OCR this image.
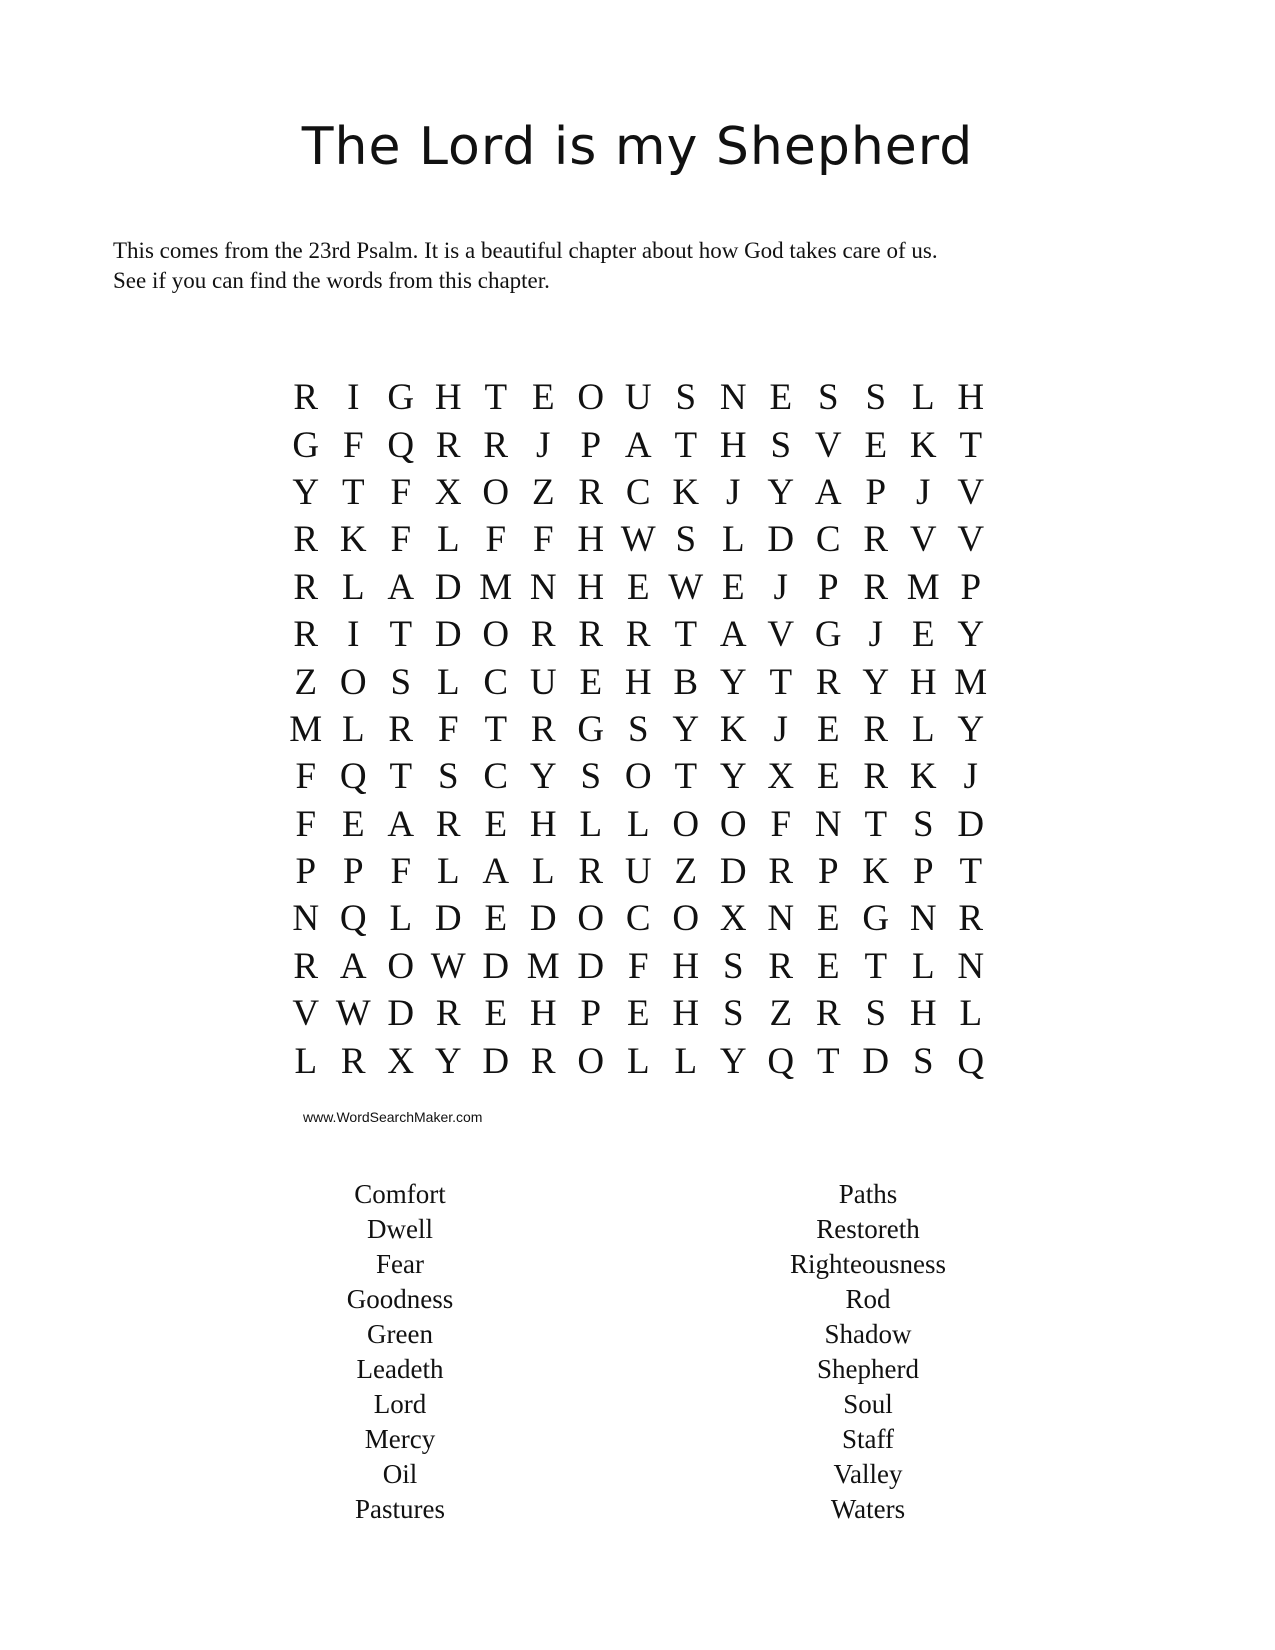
The Lord is my Shepherd
This comes from the 23rd Psalm. It is a beautiful chapter about how God takes care of us.
See if you can find the words from this chapter.
R I G H T E O U S N E S S L H
G F Q R R J P A T H S V E K T
Y T F X O Z R C K J Y A P J V
R K F L F F H W S L D C R V V
R L A D M N H E W E J P R M P
R I T D O R R R T A V G J E Y
Z O S L C U E H B Y T R Y H M
M L R F T R G S Y K J E R L Y
F Q T S C Y S O T Y X E R K J
F E A R E H L L O O F N T S D
P P F L A L R U Z D R P K P T
N Q L D E D O C O X N E G N R
R A O W D M D F H S R E T L N
V W D R E H P E H S Z R S H L
L R X Y D R O L L Y Q T D S Q
www.WordSearchMaker.com
Comfort
Dwell
Fear
Goodness
Green
Leadeth
Lord
Mercy
Oil
Pastures
Paths
Restoreth
Righteousness
Rod
Shadow
Shepherd
Soul
Staff
Valley
Waters
